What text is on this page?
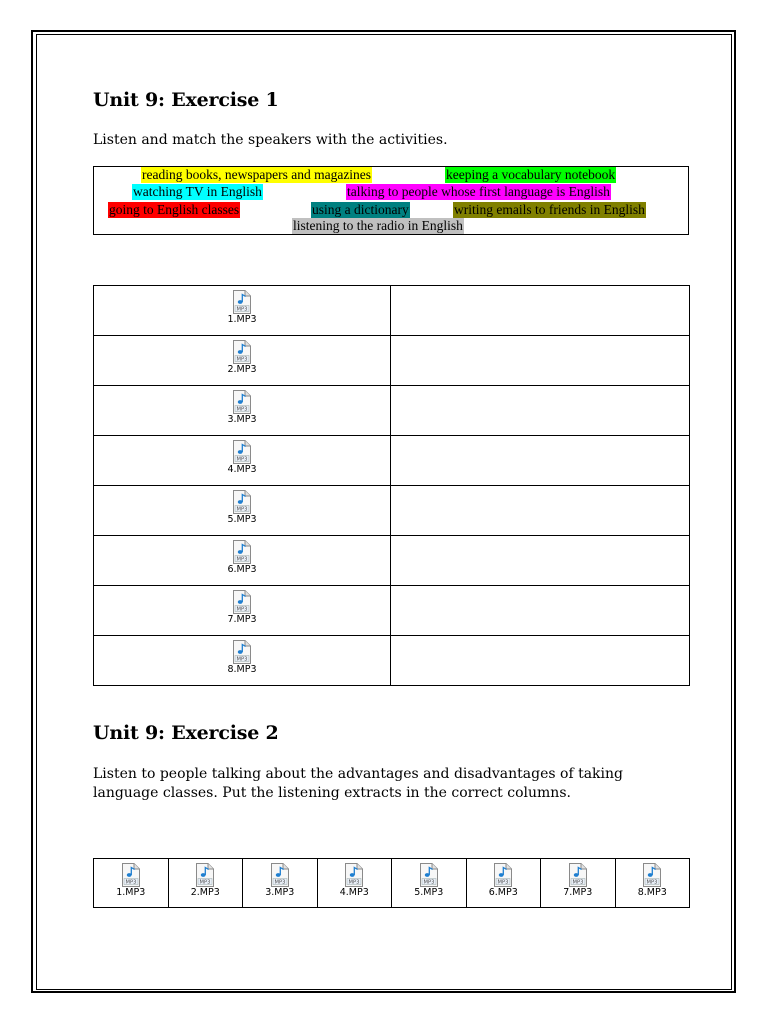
Unit 9: Exercise 1

Listen and match the speakers with the activities.

reading books, newspapers and magazines	keeping a vocabulary notebook
watching TV in English	talking to people whose first language is English
going to English classes	using a dictionary	writing emails to friends in English
listening to the radio in English
MP3
1.MP3	

MP3
2.MP3	

MP3
3.MP3	

MP3
4.MP3	

MP3
5.MP3	

MP3
6.MP3	

MP3
7.MP3	

MP3
8.MP3	

Unit 9: Exercise 2

Listen to people talking about the advantages and disadvantages of taking

language classes. Put the listening extracts in the correct columns.

MP3
1.MP3

MP3
2.MP3

MP3
3.MP3

MP3
4.MP3

MP3
5.MP3

MP3
6.MP3

MP3
7.MP3

MP3
8.MP3
